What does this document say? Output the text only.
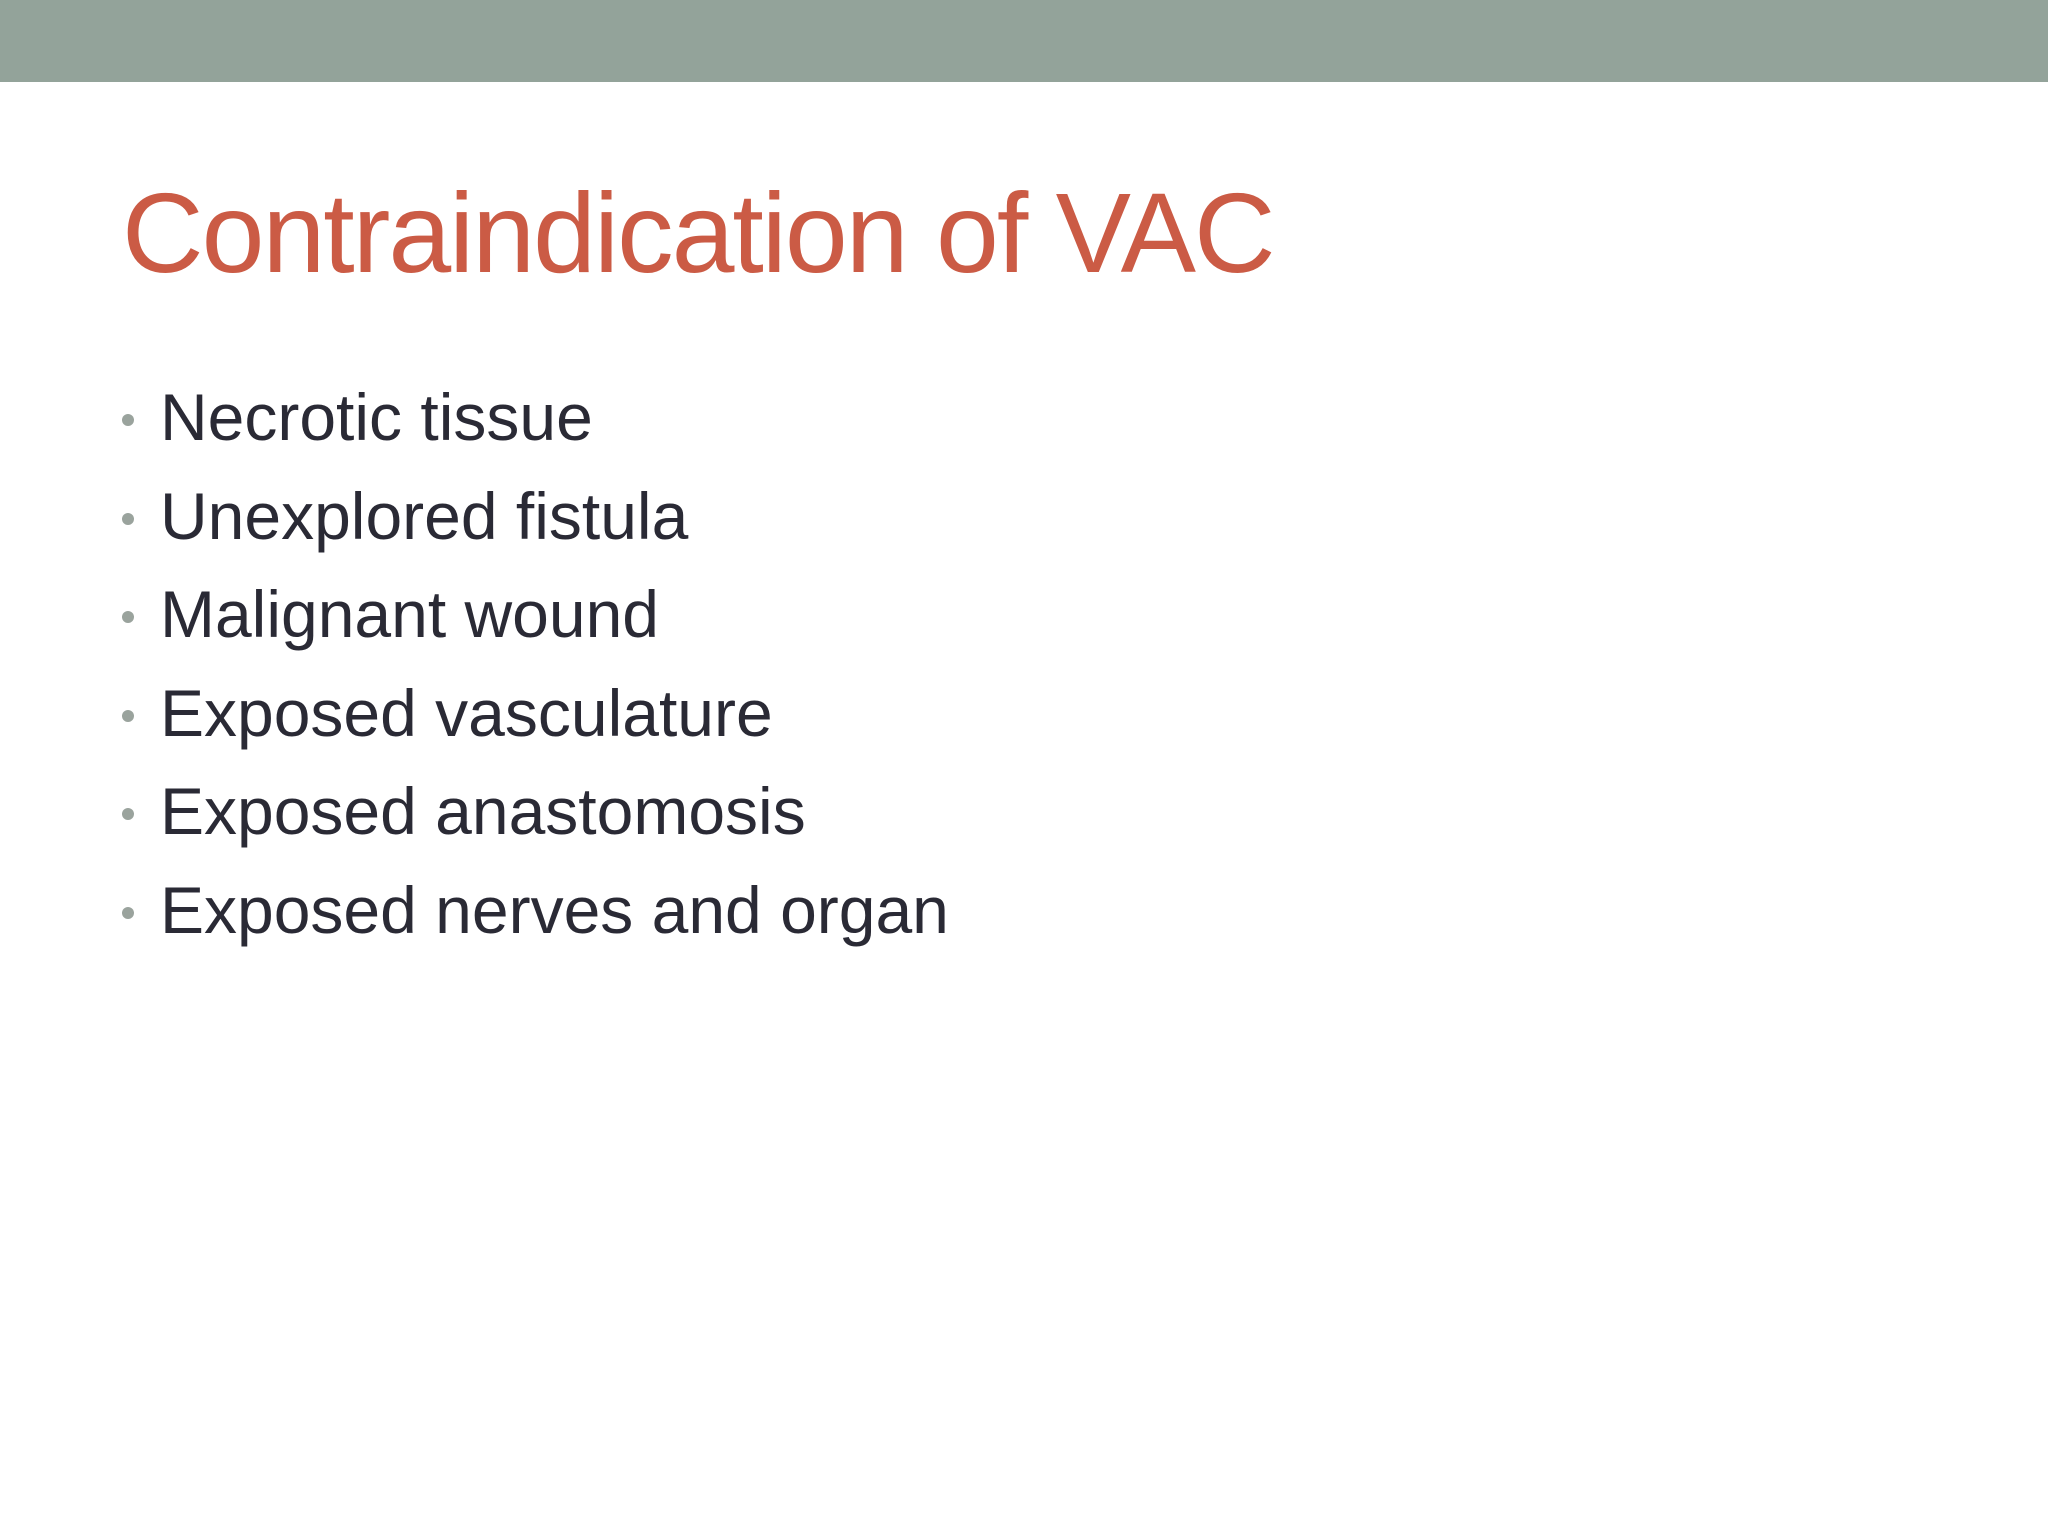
Contraindication of VAC
Necrotic tissue
Unexplored fistula
Malignant wound
Exposed vasculature
Exposed anastomosis
Exposed nerves and organ
